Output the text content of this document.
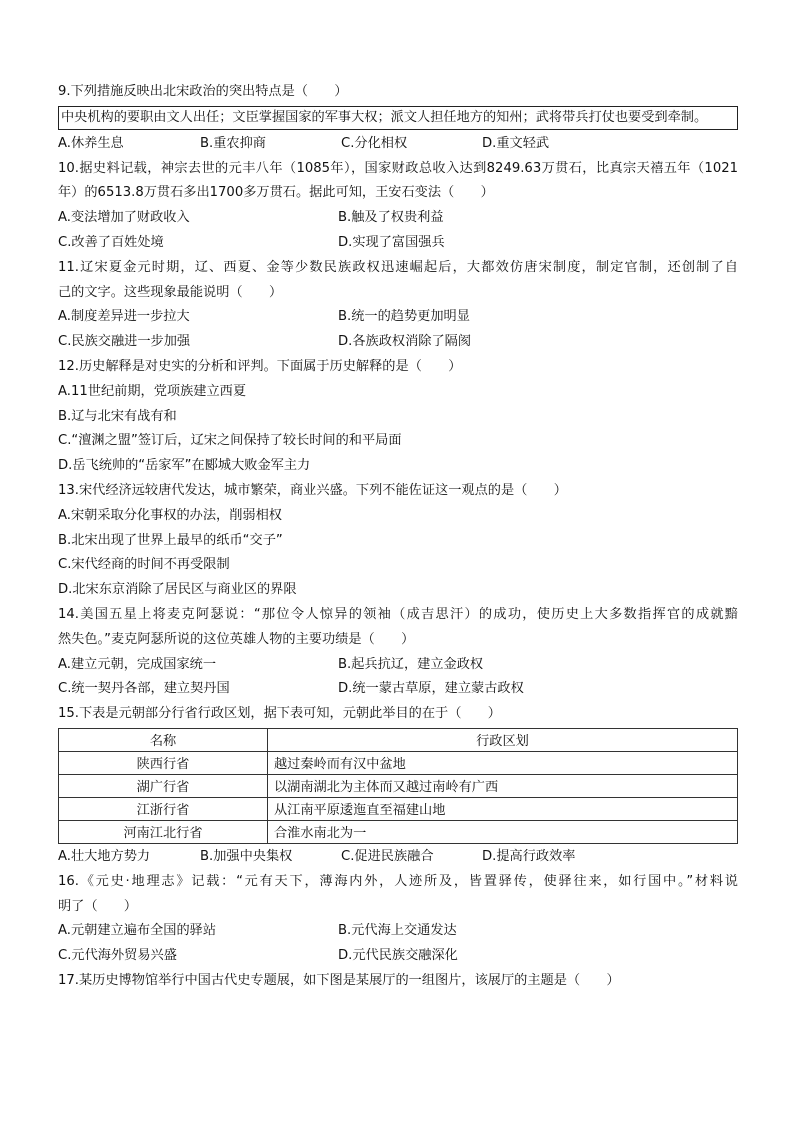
9.下列措施反映出北宋政治的突出特点是（　　）
中央机构的要职由文人出任；文臣掌握国家的军事大权；派文人担任地方的知州；武将带兵打仗也要受到牵制。
A.休养生息	B.重农抑商	C.分化相权	D.重文轻武
10.据史料记载，神宗去世的元丰八年（1085年），国家财政总收入达到8249.63万贯石，比真宗天禧五年（1021
年）的6513.8万贯石多出1700多万贯石。据此可知，王安石变法（　　）
A.变法增加了财政收入	B.触及了权贵利益
C.改善了百姓处境	D.实现了富国强兵
11.辽宋夏金元时期，辽、西夏、金等少数民族政权迅速崛起后，大都效仿唐宋制度，制定官制，还创制了自
己的文字。这些现象最能说明（　　）
A.制度差异进一步拉大	B.统一的趋势更加明显
C.民族交融进一步加强	D.各族政权消除了隔阂
12.历史解释是对史实的分析和评判。下面属于历史解释的是（　　）
A.11世纪前期，党项族建立西夏
B.辽与北宋有战有和
C.“澶渊之盟”签订后，辽宋之间保持了较长时间的和平局面
D.岳飞统帅的“岳家军”在郾城大败金军主力
13.宋代经济远较唐代发达，城市繁荣，商业兴盛。下列不能佐证这一观点的是（　　）
A.宋朝采取分化事权的办法，削弱相权
B.北宋出现了世界上最早的纸币“交子”
C.宋代经商的时间不再受限制
D.北宋东京消除了居民区与商业区的界限
14.美国五星上将麦克阿瑟说：“那位令人惊异的领袖（成吉思汗）的成功，使历史上大多数指挥官的成就黯
然失色。”麦克阿瑟所说的这位英雄人物的主要功绩是（　　）
A.建立元朝，完成国家统一	B.起兵抗辽，建立金政权
C.统一契丹各部，建立契丹国	D.统一蒙古草原，建立蒙古政权
15.下表是元朝部分行省行政区划，据下表可知，元朝此举目的在于（　　）
名称	行政区划
陕西行省	越过秦岭而有汉中盆地
湖广行省	以湖南湖北为主体而又越过南岭有广西
江浙行省	从江南平原逶迤直至福建山地
河南江北行省	合淮水南北为一
A.壮大地方势力	B.加强中央集权	C.促进民族融合	D.提高行政效率
16.《元史·地理志》记载：“元有天下，薄海内外，人迹所及，皆置驿传，使驿往来，如行国中。”材料说
明了（　　）
A.元朝建立遍布全国的驿站	B.元代海上交通发达
C.元代海外贸易兴盛	D.元代民族交融深化
17.某历史博物馆举行中国古代史专题展，如下图是某展厅的一组图片，该展厅的主题是（　　）
